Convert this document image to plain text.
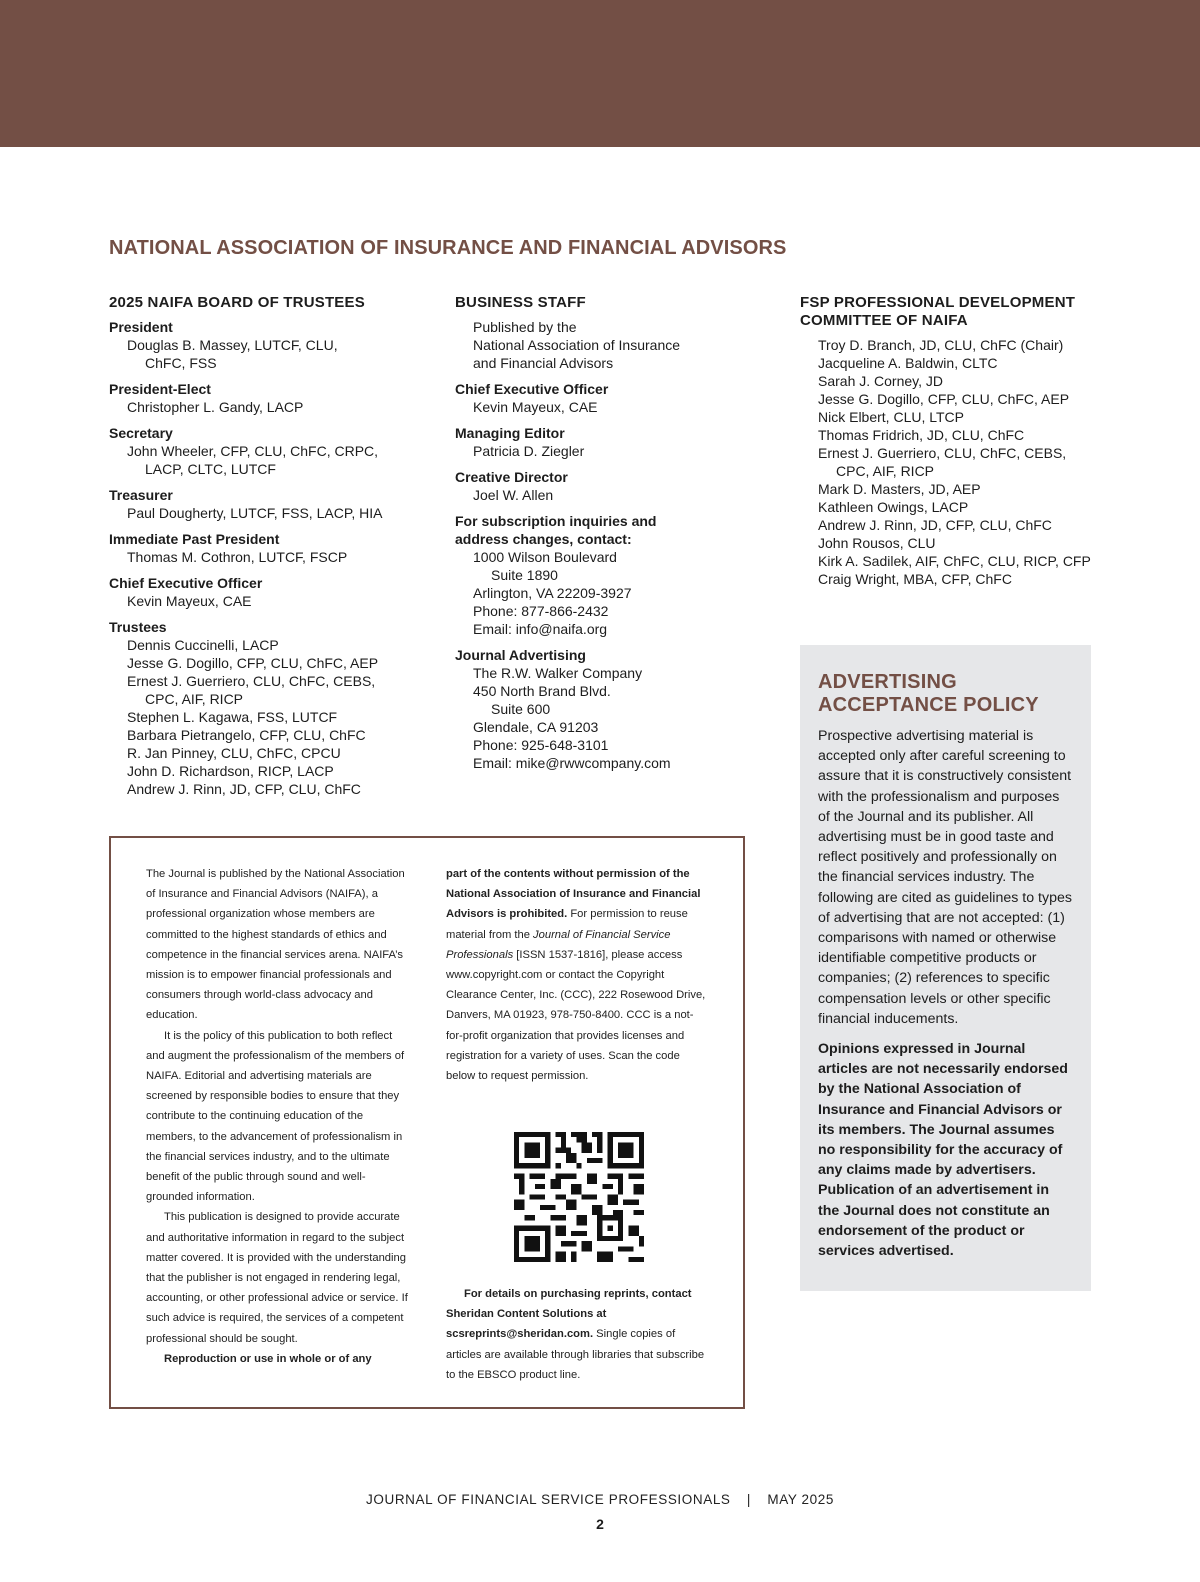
NATIONAL ASSOCIATION OF INSURANCE AND FINANCIAL ADVISORS
2025 NAIFA BOARD OF TRUSTEES
President
Douglas B. Massey, LUTCF, CLU,
ChFC, FSS
President-Elect
Christopher L. Gandy, LACP
Secretary
John Wheeler, CFP, CLU, ChFC, CRPC,
LACP, CLTC, LUTCF
Treasurer
Paul Dougherty, LUTCF, FSS, LACP, HIA
Immediate Past President
Thomas M. Cothron, LUTCF, FSCP
Chief Executive Officer
Kevin Mayeux, CAE
Trustees
Dennis Cuccinelli, LACP
Jesse G. Dogillo, CFP, CLU, ChFC, AEP
Ernest J. Guerriero, CLU, ChFC, CEBS,
CPC, AIF, RICP
Stephen L. Kagawa, FSS, LUTCF
Barbara Pietrangelo, CFP, CLU, ChFC
R. Jan Pinney, CLU, ChFC, CPCU
John D. Richardson, RICP, LACP
Andrew J. Rinn, JD, CFP, CLU, ChFC
BUSINESS STAFF
Published by the
National Association of Insurance
and Financial Advisors
Chief Executive Officer
Kevin Mayeux, CAE
Managing Editor
Patricia D. Ziegler
Creative Director
Joel W. Allen
For subscription inquiries and
address changes, contact:
1000 Wilson Boulevard
Suite 1890
Arlington, VA 22209-3927
Phone: 877-866-2432
Email: info@naifa.org
Journal Advertising
The R.W. Walker Company
450 North Brand Blvd.
Suite 600
Glendale, CA 91203
Phone: 925-648-3101
Email: mike@rwwcompany.com
FSP PROFESSIONAL DEVELOPMENT
COMMITTEE OF NAIFA
Troy D. Branch, JD, CLU, ChFC (Chair)
Jacqueline A. Baldwin, CLTC
Sarah J. Corney, JD
Jesse G. Dogillo, CFP, CLU, ChFC, AEP
Nick Elbert, CLU, LTCP
Thomas Fridrich, JD, CLU, ChFC
Ernest J. Guerriero, CLU, ChFC, CEBS,
CPC, AIF, RICP
Mark D. Masters, JD, AEP
Kathleen Owings, LACP
Andrew J. Rinn, JD, CFP, CLU, ChFC
John Rousos, CLU
Kirk A. Sadilek, AIF, ChFC, CLU, RICP, CFP
Craig Wright, MBA, CFP, ChFC
ADVERTISING
ACCEPTANCE POLICY

Prospective advertising material is accepted only after careful screening to assure that it is constructively consistent with the professionalism and purposes of the Journal and its publisher. All advertising must be in good taste and reflect positively and professionally on the financial services industry. The following are cited as guidelines to types of advertising that are not accepted: (1) comparisons with named or otherwise identifiable competitive products or companies; (2) references to specific compensation levels or other specific financial inducements.

Opinions expressed in Journal articles are not necessarily endorsed by the National Association of Insurance and Financial Advisors or its members. The Journal assumes no responsibility for the accuracy of any claims made by advertisers. Publication of an advertisement in the Journal does not constitute an endorsement of the product or services advertised.

The Journal is published by the National Association of Insurance and Financial Advisors (NAIFA), a professional organization whose members are committed to the highest standards of ethics and competence in the financial services arena. NAIFA’s mission is to empower financial professionals and consumers through world-class advocacy and education.

It is the policy of this publication to both reflect and augment the professionalism of the members of NAIFA. Editorial and advertising materials are screened by responsible bodies to ensure that they contribute to the continuing education of the members, to the advancement of professionalism in the financial services industry, and to the ultimate benefit of the public through sound and well-grounded information.

This publication is designed to provide accurate and authoritative information in regard to the subject matter covered. It is provided with the understanding that the publisher is not engaged in rendering legal, accounting, or other professional advice or service. If such advice is required, the services of a competent professional should be sought.

Reproduction or use in whole or of any

part of the contents without permission of the National Association of Insurance and Financial Advisors is prohibited. For permission to reuse material from the Journal of Financial Service Professionals [ISSN 1537-1816], please access www.copyright.com or contact the Copyright Clearance Center, Inc. (CCC), 222 Rosewood Drive, Danvers, MA 01923, 978-750-8400. CCC is a not-for-profit organization that provides licenses and registration for a variety of uses. Scan the code below to request permission.

For details on purchasing reprints, contact Sheridan Content Solutions at scsreprints@sheridan.com. Single copies of articles are available through libraries that subscribe to the EBSCO product line.

JOURNAL OF FINANCIAL SERVICE PROFESSIONALS | MAY 2025
2
